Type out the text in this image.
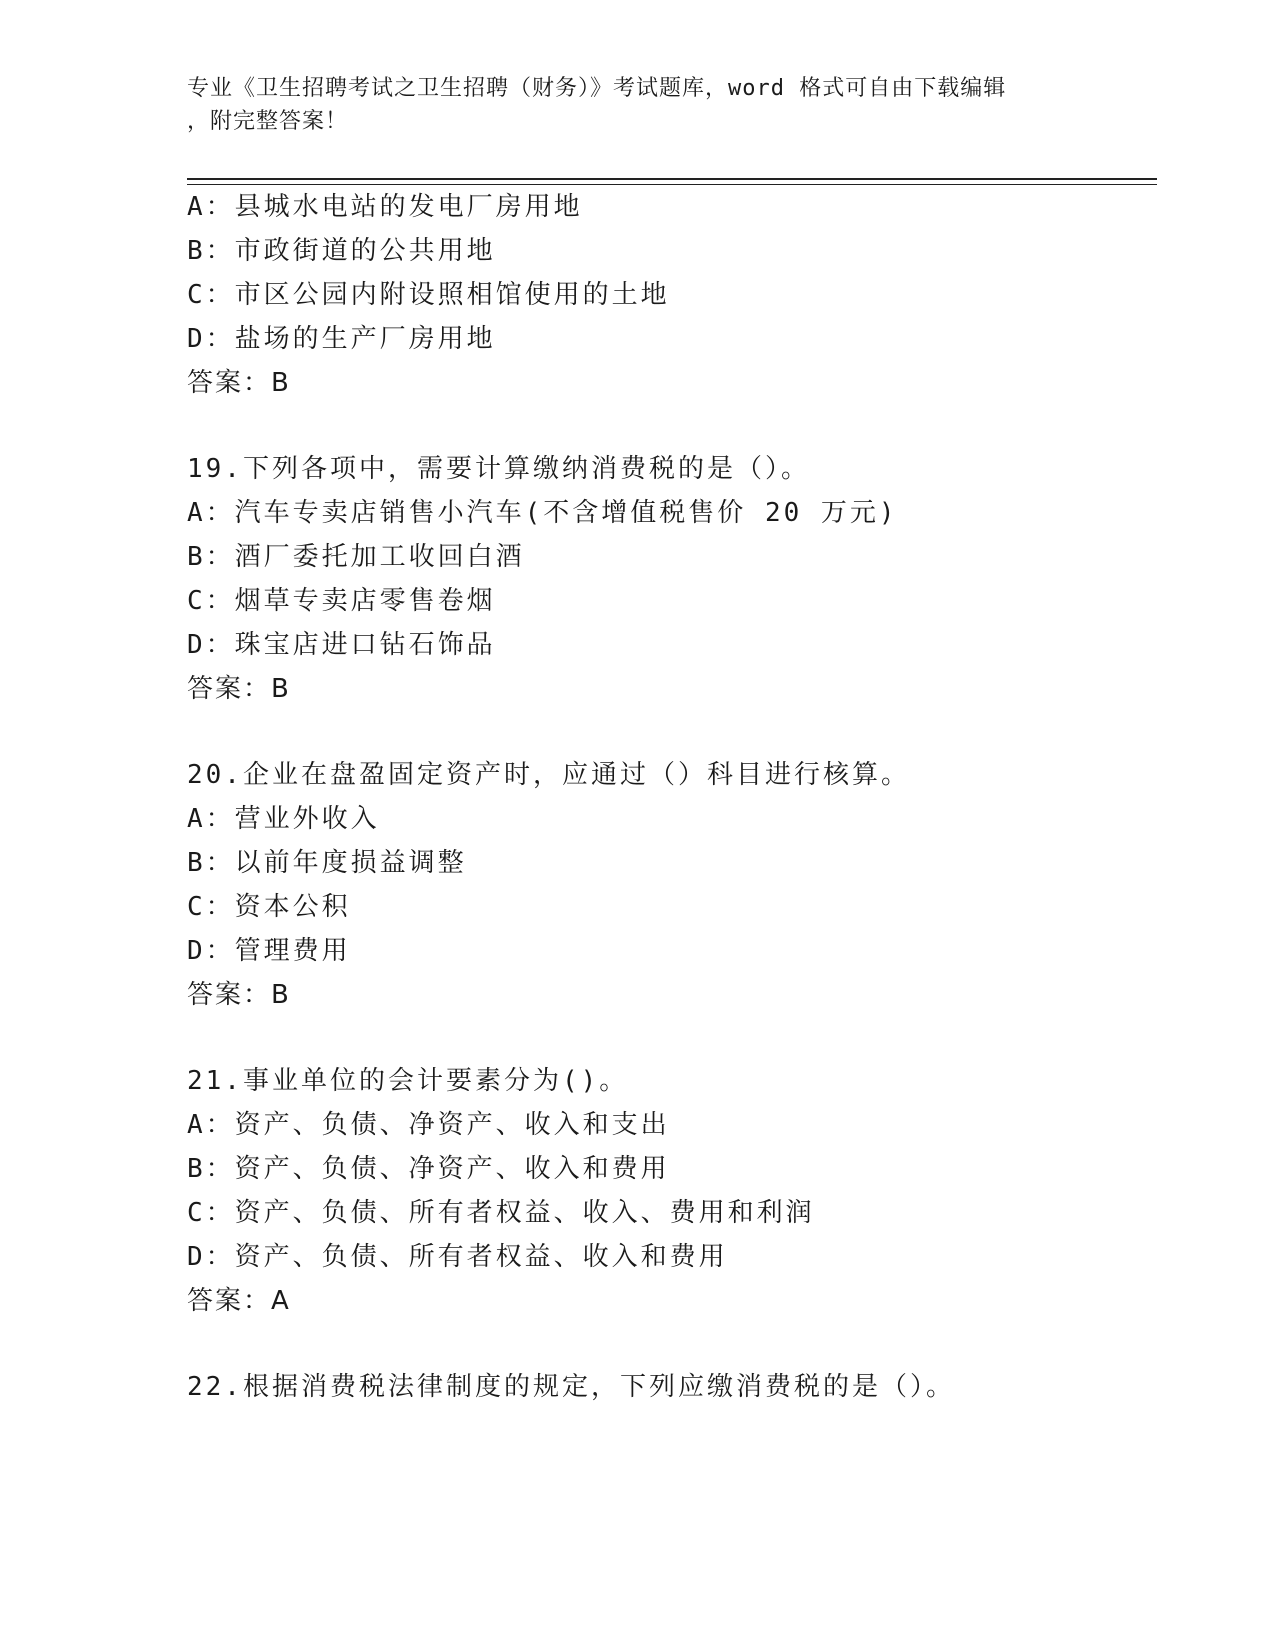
专业《卫生招聘考试之卫生招聘（财务）》考试题库，word 格式可自由下载编辑
，附完整答案！
A：县城水电站的发电厂房用地
B：市政街道的公共用地
C：市区公园内附设照相馆使用的土地
D：盐场的生产厂房用地
答案：B
19.下列各项中，需要计算缴纳消费税的是（）。
A：汽车专卖店销售小汽车(不含增值税售价 20 万元)
B：酒厂委托加工收回白酒
C：烟草专卖店零售卷烟
D：珠宝店进口钻石饰品
答案：B
20.企业在盘盈固定资产时，应通过（）科目进行核算。
A：营业外收入
B：以前年度损益调整
C：资本公积
D：管理费用
答案：B
21.事业单位的会计要素分为()。
A：资产、负债、净资产、收入和支出
B：资产、负债、净资产、收入和费用
C：资产、负债、所有者权益、收入、费用和利润
D：资产、负债、所有者权益、收入和费用
答案：A
22.根据消费税法律制度的规定，下列应缴消费税的是（）。
